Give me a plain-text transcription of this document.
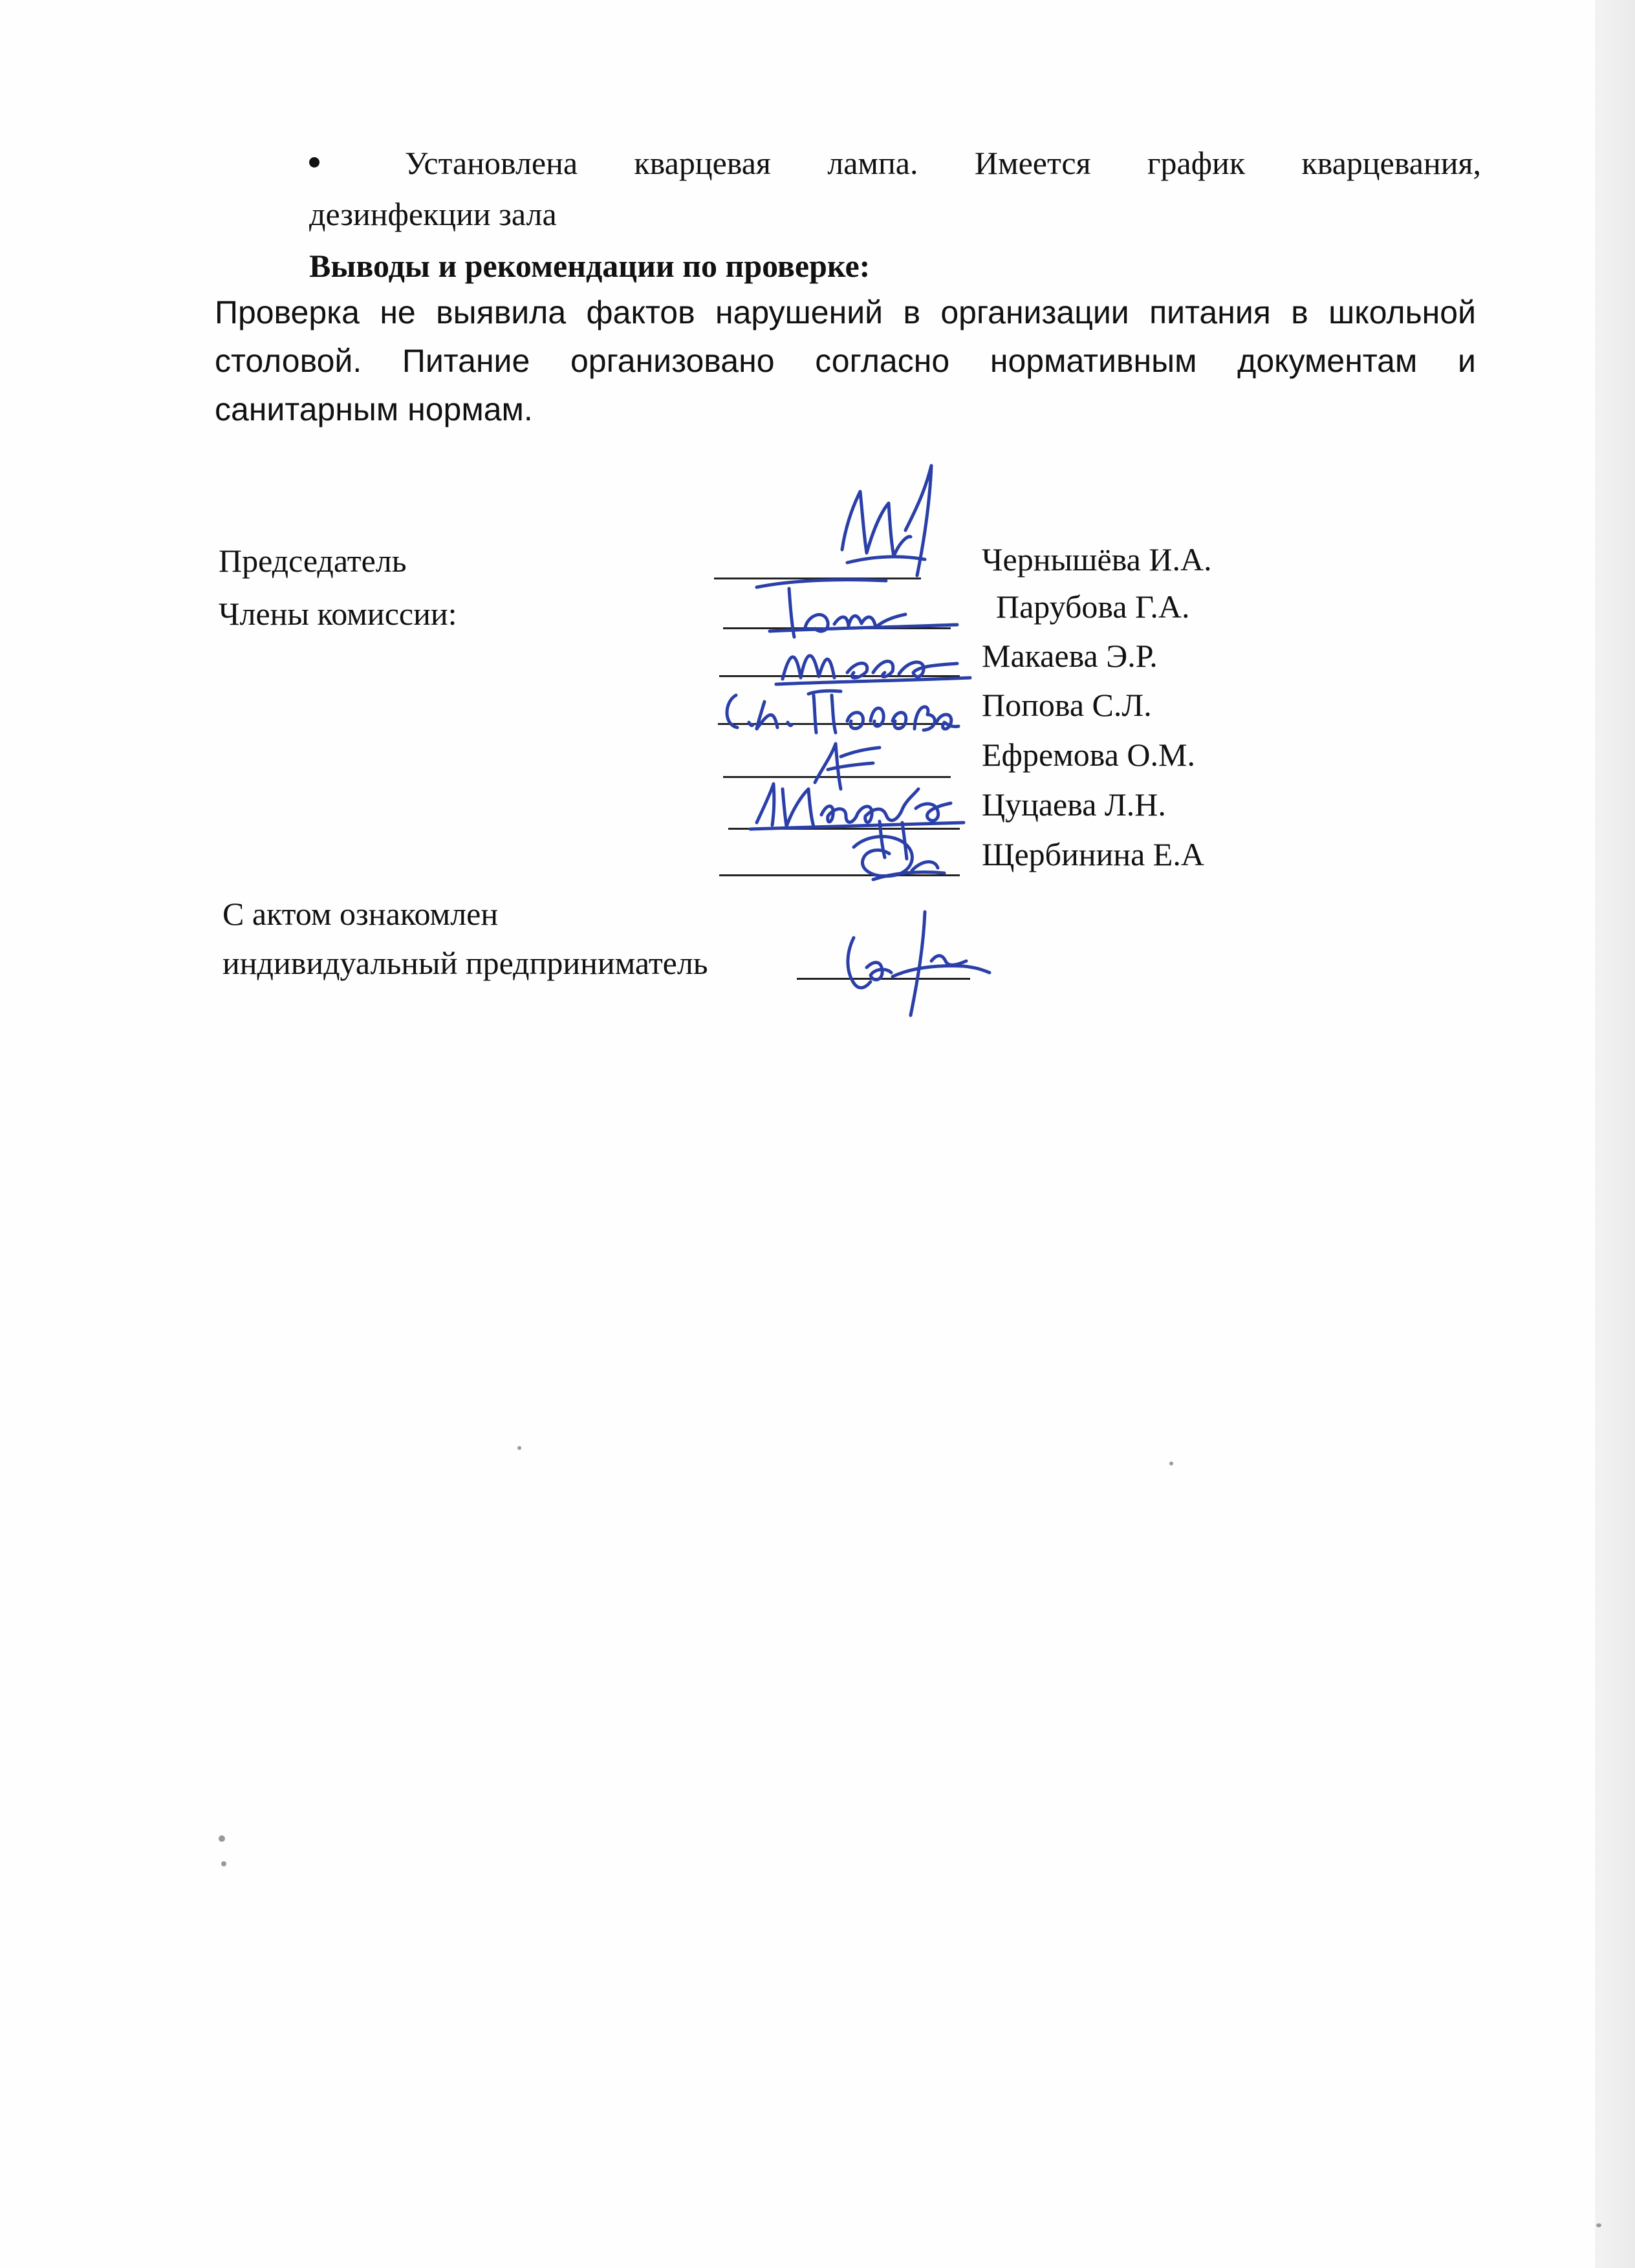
Установлена кварцевая лампа. Имеется график кварцевания,
дезинфекции зала
Выводы и рекомендации по проверке:
Проверка не выявила фактов нарушений в организации питания в школьной
столовой. Питание организовано согласно нормативным документам и
санитарным нормам.
Председатель
Члены комиссии:
Чернышёва И.А.
Парубова Г.А.
Макаева Э.Р.
Попова С.Л.
Ефремова О.М.
Цуцаева Л.Н.
Щербинина Е.А
С актом ознакомлен
индивидуальный предприниматель
